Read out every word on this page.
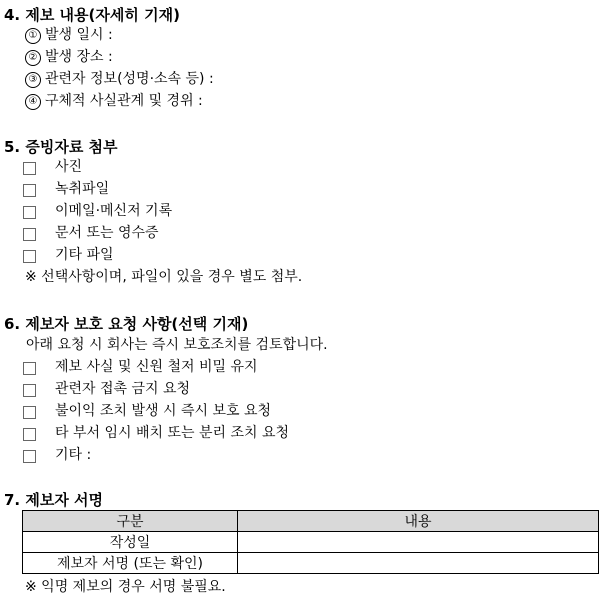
4. 제보 내용(자세히 기재)
① 발생 일시 :
② 발생 장소 :
③ 관련자 정보(성명·소속 등) :
④ 구체적 사실관계 및 경위 :
5. 증빙자료 첨부
사진
녹취파일
이메일·메신저 기록
문서 또는 영수증
기타 파일
※ 선택사항이며, 파일이 있을 경우 별도 첨부.
6. 제보자 보호 요청 사항(선택 기재)
아래 요청 시 회사는 즉시 보호조치를 검토합니다.
제보 사실 및 신원 철저 비밀 유지
관련자 접촉 금지 요청
불이익 조치 발생 시 즉시 보호 요청
타 부서 임시 배치 또는 분리 조치 요청
기타 :
7. 제보자 서명
구분	내용
작성일	
제보자 서명 (또는 확인)	
※ 익명 제보의 경우 서명 불필요.
